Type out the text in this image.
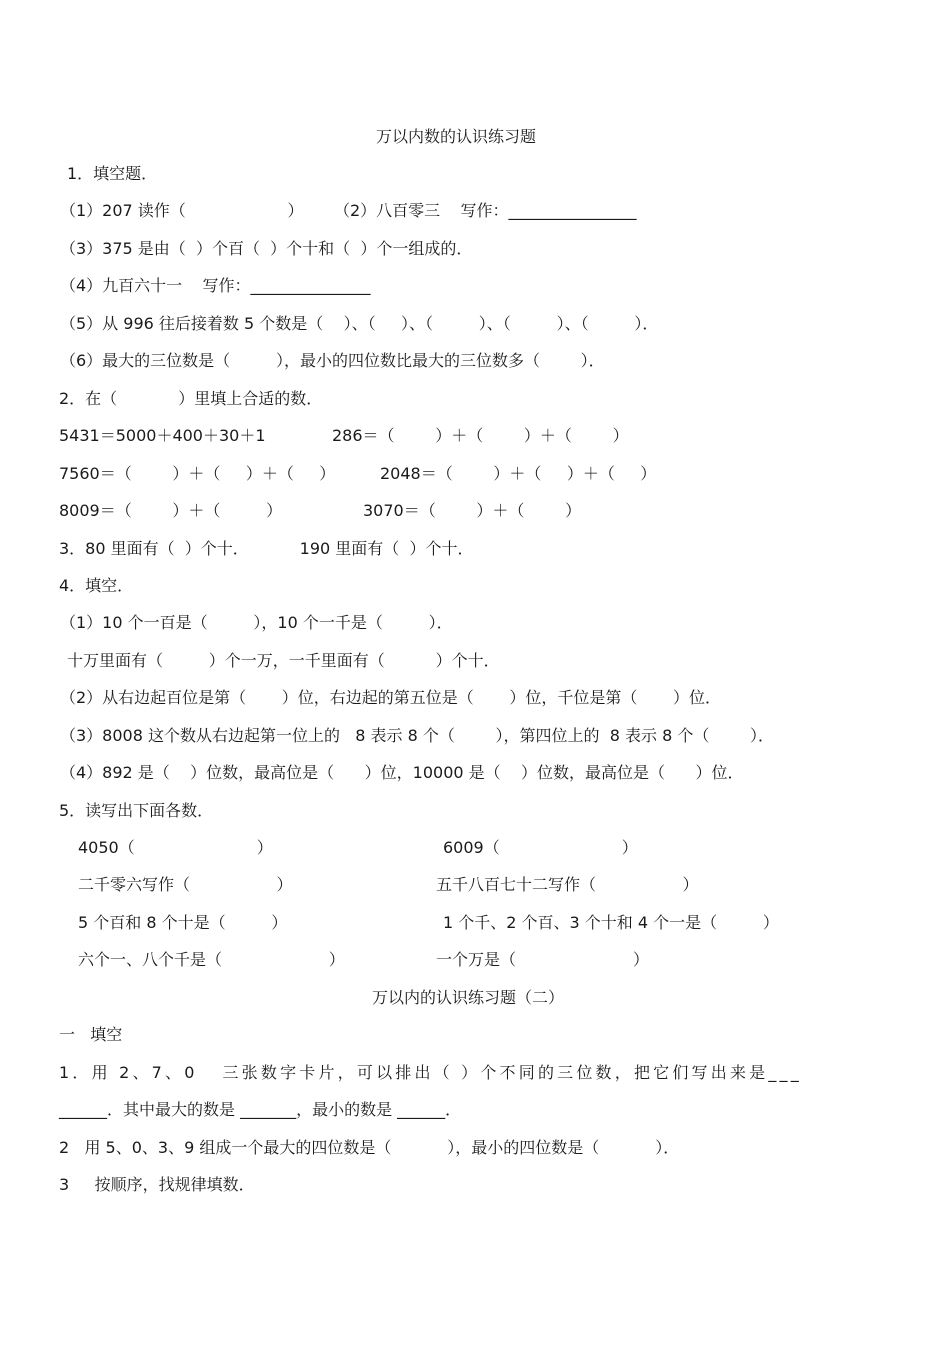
万以内数的认识练习题
1．填空题．
（1）207 读作（                    ） （2）八百零三    写作：________________
（3）375 是由（  ）个百（  ）个十和（  ）个一组成的．
（4）九百六十一    写作：_______________
（5）从 996 往后接着数 5 个数是（    ）、（     ）、（         ）、（         ）、（         ）．
（6）最大的三位数是（         ），最小的四位数比最大的三位数多（        ）．
2．在（            ）里填上合适的数．
5431＝5000＋400＋30＋1	286＝（        ）＋（        ）＋（        ）
7560＝（        ）＋（     ）＋（     ）	2048＝（        ）＋（     ）＋（     ）
8009＝（        ）＋（         ）	3070＝（        ）＋（        ）
3．80 里面有（  ）个十．          190 里面有（  ）个十．
4．填空．
（1）10 个一百是（         ），10 个一千是（         ）．
十万里面有（         ）个一万，一千里面有（          ）个十．
（2）从右边起百位是第（       ）位，右边起的第五位是（       ）位，千位是第（       ）位．
（3）8008 这个数从右边起第一位上的   8 表示 8 个（        ），第四位上的  8 表示 8 个（        ）．
（4）892 是（    ）位数，最高位是（      ）位，10000 是（    ）位数，最高位是（      ）位．
5．读写出下面各数．
4050（                        ）	6009（                        ）
二千零六写作（                 ）	五千八百七十二写作（                 ）
5 个百和 8 个十是（         ）	1 个千、2 个百、3 个十和 4 个一是（         ）
六个一、八个千是（                     ）	一个万是（                       ）
万以内的认识练习题（二）
一   填空
1．用 2、7、0   三张数字卡片，可以排出（ ）个不同的三位数，把它们写出来是___
______．其中最大的数是 _______，最小的数是 ______．
2   用 5、0、3、9 组成一个最大的四位数是（           ），最小的四位数是（           ）．
3     按顺序，找规律填数．
